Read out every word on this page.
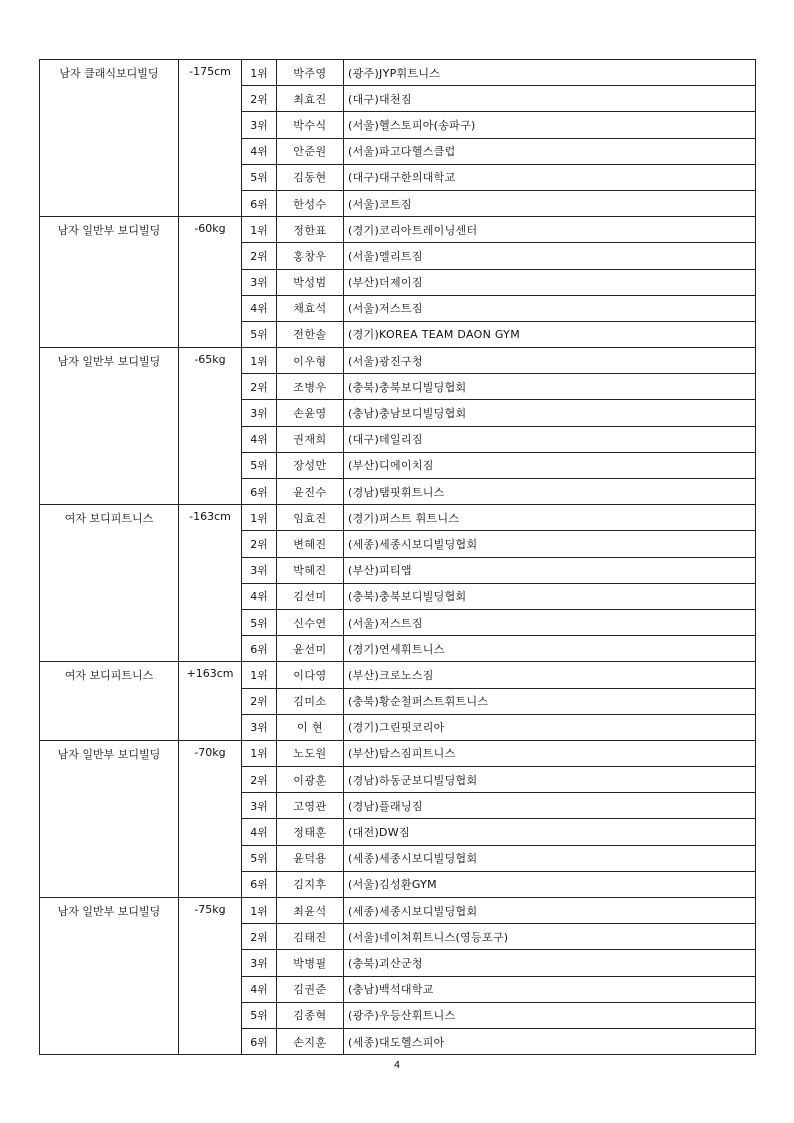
남자 클래식보디빌딩	-175cm	1위	박주영	(광주)JYP휘트니스
		2위	최효진	(대구)대천짐
		3위	박수식	(서울)헬스토피아(송파구)
		4위	안준원	(서울)파고다헬스클럽
		5위	김동현	(대구)대구한의대학교
		6위	한성수	(서울)코트짐
남자 일반부 보디빌딩	-60kg	1위	정한표	(경기)코리아트레이닝센터
		2위	홍창우	(서울)엘리트짐
		3위	박성범	(부산)더제이짐
		4위	채효석	(서울)저스트짐
		5위	전한솔	(경기)KOREA TEAM DAON GYM
남자 일반부 보디빌딩	-65kg	1위	이우형	(서울)광진구청
		2위	조병우	(충북)충북보디빌딩협회
		3위	손윤영	(충남)충남보디빌딩협회
		4위	권재희	(대구)데일리짐
		5위	장성만	(부산)디에이치짐
		6위	윤진수	(경남)탬핏휘트니스
여자 보디피트니스	-163cm	1위	임효진	(경기)퍼스트 휘트니스
		2위	변혜진	(세종)세종시보디빌딩협회
		3위	박혜진	(부산)피티앱
		4위	김선미	(충북)충북보디빌딩협회
		5위	신수연	(서울)저스트짐
		6위	윤선미	(경기)연세휘트니스
여자 보디피트니스	+163cm	1위	이다영	(부산)크로노스짐
		2위	김미소	(충북)황순철퍼스트휘트니스
		3위	이 현	(경기)그린핏코리아
남자 일반부 보디빌딩	-70kg	1위	노도원	(부산)탐스짐피트니스
		2위	이광훈	(경남)하동군보디빌딩협회
		3위	고영관	(경남)플래닝짐
		4위	정태훈	(대전)DW짐
		5위	윤덕용	(세종)세종시보디빌딩협회
		6위	김지후	(서울)김성환GYM
남자 일반부 보디빌딩	-75kg	1위	최윤석	(세종)세종시보디빌딩협회
		2위	김태진	(서울)네이쳐휘트니스(영등포구)
		3위	박병필	(충북)괴산군청
		4위	김권준	(충남)백석대학교
		5위	김종혁	(광주)우등산휘트니스
		6위	손지훈	(세종)대도헬스피아
4
